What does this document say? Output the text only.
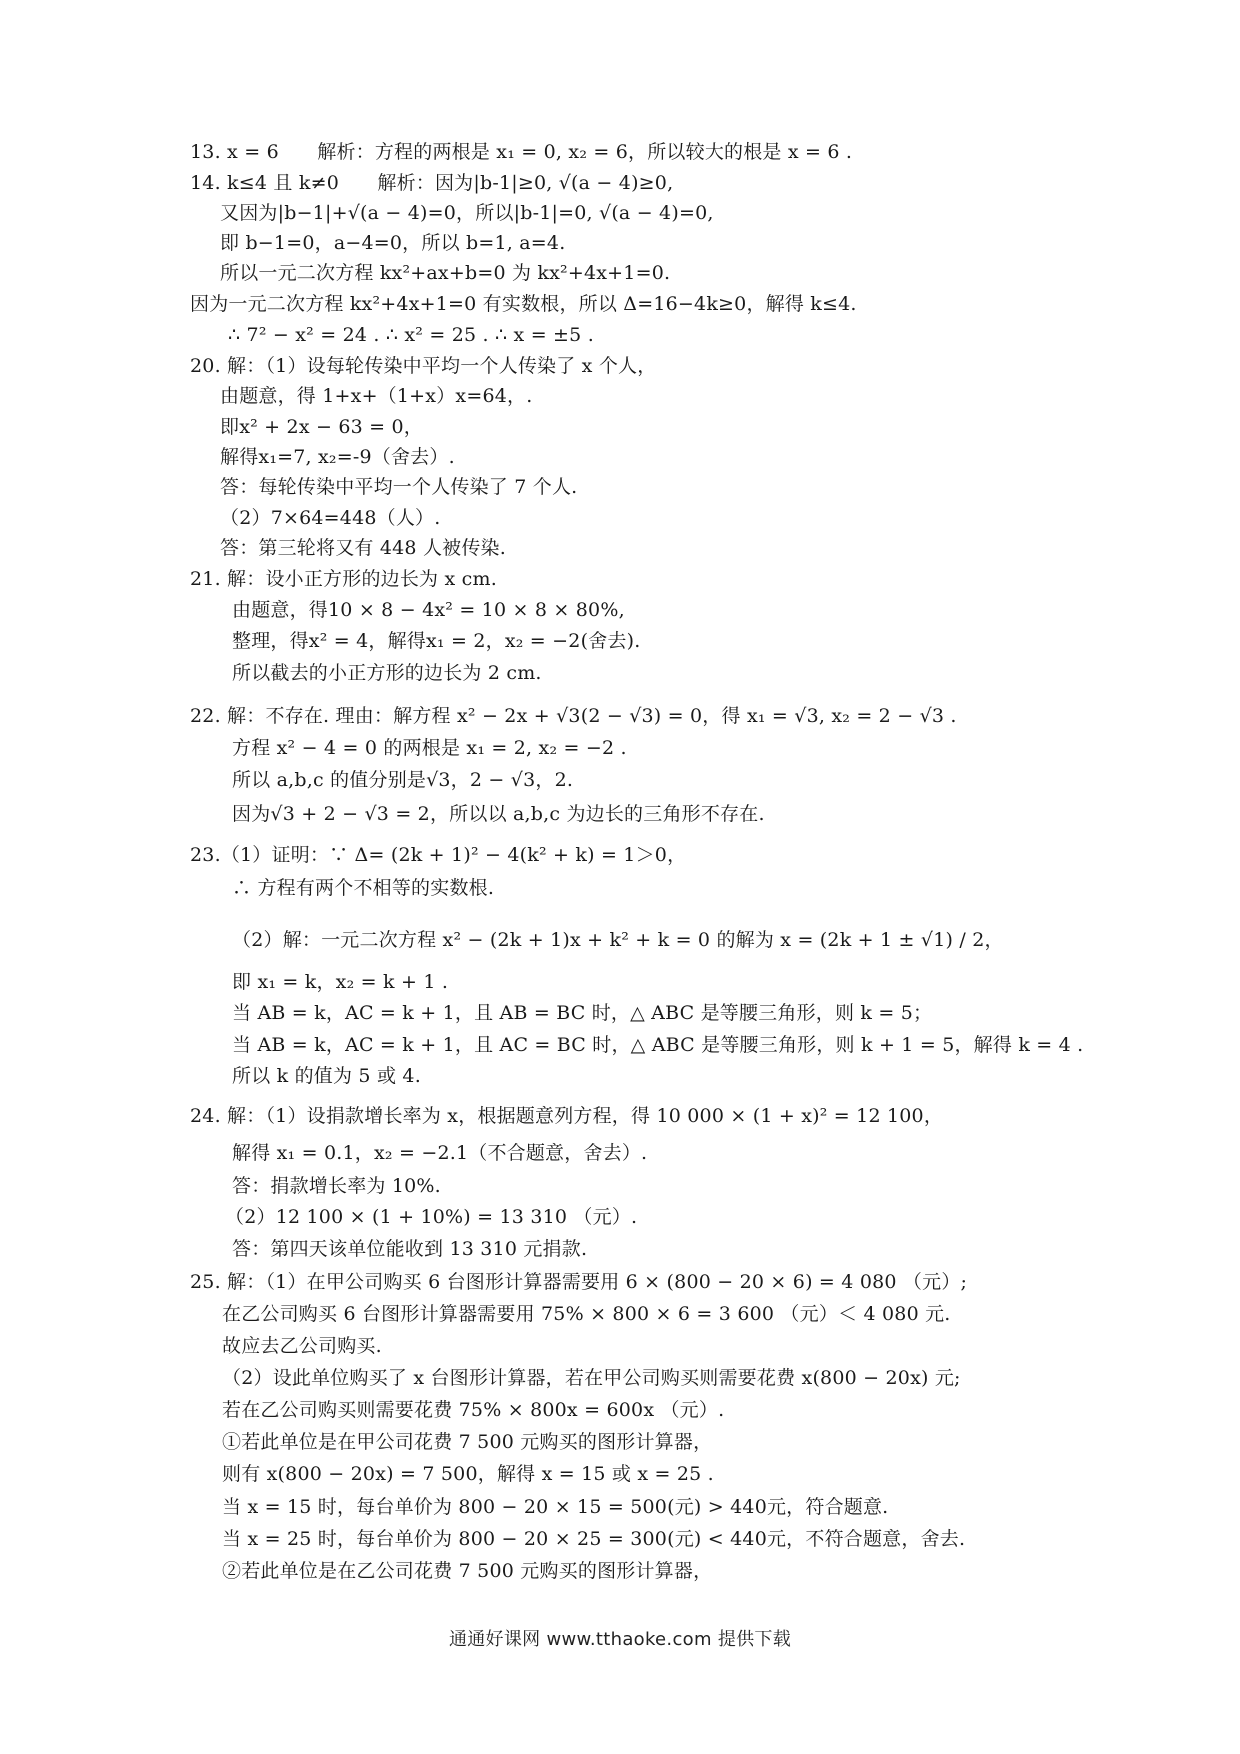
13. x = 6　　解析：方程的两根是 x₁ = 0, x₂ = 6，所以较大的根是 x = 6 .
14. k≤4 且 k≠0　　解析：因为|b-1|≥0, √(a − 4)≥0,
又因为|b−1|+√(a − 4)=0，所以|b-1|=0, √(a − 4)=0,
即 b−1=0，a−4=0，所以 b=1, a=4.
所以一元二次方程 kx²+ax+b=0 为 kx²+4x+1=0.
因为一元二次方程 kx²+4x+1=0 有实数根，所以 Δ=16−4k≥0，解得 k≤4.
∴ 7² − x² = 24 . ∴ x² = 25 . ∴ x = ±5 .
20. 解：（1）设每轮传染中平均一个人传染了 x 个人，
由题意，得 1+x+（1+x）x=64，.
即x² + 2x − 63 = 0，
解得x₁=7, x₂=-9（舍去）.
答：每轮传染中平均一个人传染了 7 个人.
（2）7×64=448（人）.
答：第三轮将又有 448 人被传染.
21. 解：设小正方形的边长为 x cm.
由题意，得10 × 8 − 4x² = 10 × 8 × 80%,
整理，得x² = 4，解得x₁ = 2，x₂ = −2(舍去).
所以截去的小正方形的边长为 2 cm.
22. 解：不存在. 理由：解方程 x² − 2x + √3(2 − √3) = 0，得 x₁ = √3, x₂ = 2 − √3 .
方程 x² − 4 = 0 的两根是 x₁ = 2, x₂ = −2 .
所以 a,b,c 的值分别是√3，2 − √3，2.
因为√3 + 2 − √3 = 2，所以以 a,b,c 为边长的三角形不存在.
23.（1）证明：∵ Δ= (2k + 1)² − 4(k² + k) = 1＞0，
∴ 方程有两个不相等的实数根.
（2）解：一元二次方程 x² − (2k + 1)x + k² + k = 0 的解为 x = (2k + 1 ± √1) / 2，
即 x₁ = k，x₂ = k + 1 .
当 AB = k，AC = k + 1，且 AB = BC 时，△ ABC 是等腰三角形，则 k = 5；
当 AB = k，AC = k + 1，且 AC = BC 时，△ ABC 是等腰三角形，则 k + 1 = 5，解得 k = 4 .
所以 k 的值为 5 或 4.
24. 解：（1）设捐款增长率为 x，根据题意列方程，得 10 000 × (1 + x)² = 12 100，
解得 x₁ = 0.1，x₂ = −2.1（不合题意，舍去）.
答：捐款增长率为 10%.
（2）12 100 × (1 + 10%) = 13 310 （元）.
答：第四天该单位能收到 13 310 元捐款.
25. 解：（1）在甲公司购买 6 台图形计算器需要用 6 × (800 − 20 × 6) = 4 080 （元）;
在乙公司购买 6 台图形计算器需要用 75% × 800 × 6 = 3 600 （元）＜ 4 080 元.
故应去乙公司购买.
（2）设此单位购买了 x 台图形计算器，若在甲公司购买则需要花费 x(800 − 20x) 元;
若在乙公司购买则需要花费 75% × 800x = 600x （元）.
①若此单位是在甲公司花费 7 500 元购买的图形计算器，
则有 x(800 − 20x) = 7 500，解得 x = 15 或 x = 25 .
当 x = 15 时，每台单价为 800 − 20 × 15 = 500(元) > 440元，符合题意.
当 x = 25 时，每台单价为 800 − 20 × 25 = 300(元) < 440元，不符合题意，舍去.
②若此单位是在乙公司花费 7 500 元购买的图形计算器，
通通好课网 www.tthaoke.com 提供下载
